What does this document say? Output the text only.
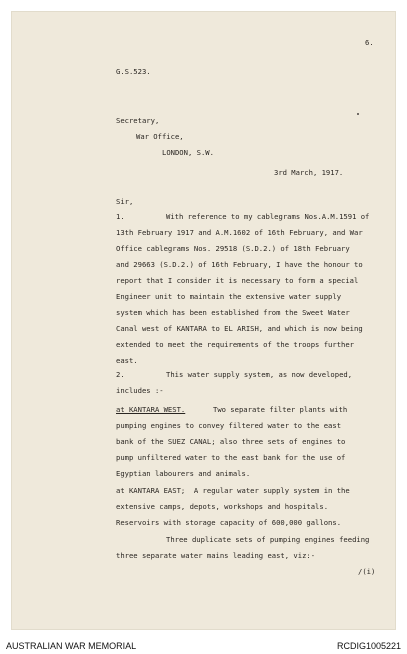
6.
G.S.523.
Secretary,
War Office,
LONDON, S.W.
3rd March, 1917.
Sir,
1.	With reference to my cablegrams Nos.A.M.1591 of
13th February 1917 and A.M.1602 of 16th February, and War
Office cablegrams Nos. 29518 (S.D.2.) of 18th February
and 29663 (S.D.2.) of 16th February, I have the honour to
report that I consider it is necessary to form a special
Engineer unit to maintain the extensive water supply
system which has been established from the Sweet Water
Canal west of KANTARA to EL ARISH, and which is now being
extended to meet the requirements of the troops further
east.
2.	This water supply system, as now developed,
includes :-
at KANTARA WEST.	Two separate filter plants with
pumping engines to convey filtered water to the east
bank of the SUEZ CANAL; also three sets of engines to
pump unfiltered water to the east bank for the use of
Egyptian labourers and animals.
at KANTARA EAST;  A regular water supply system in the
extensive camps, depots, workshops and hospitals.
Reservoirs with storage capacity of 600,000 gallons.
Three duplicate sets of pumping engines feeding
three separate water mains leading east, viz:-
/(i)
AUSTRALIAN WAR MEMORIAL	RCDIG1005221
